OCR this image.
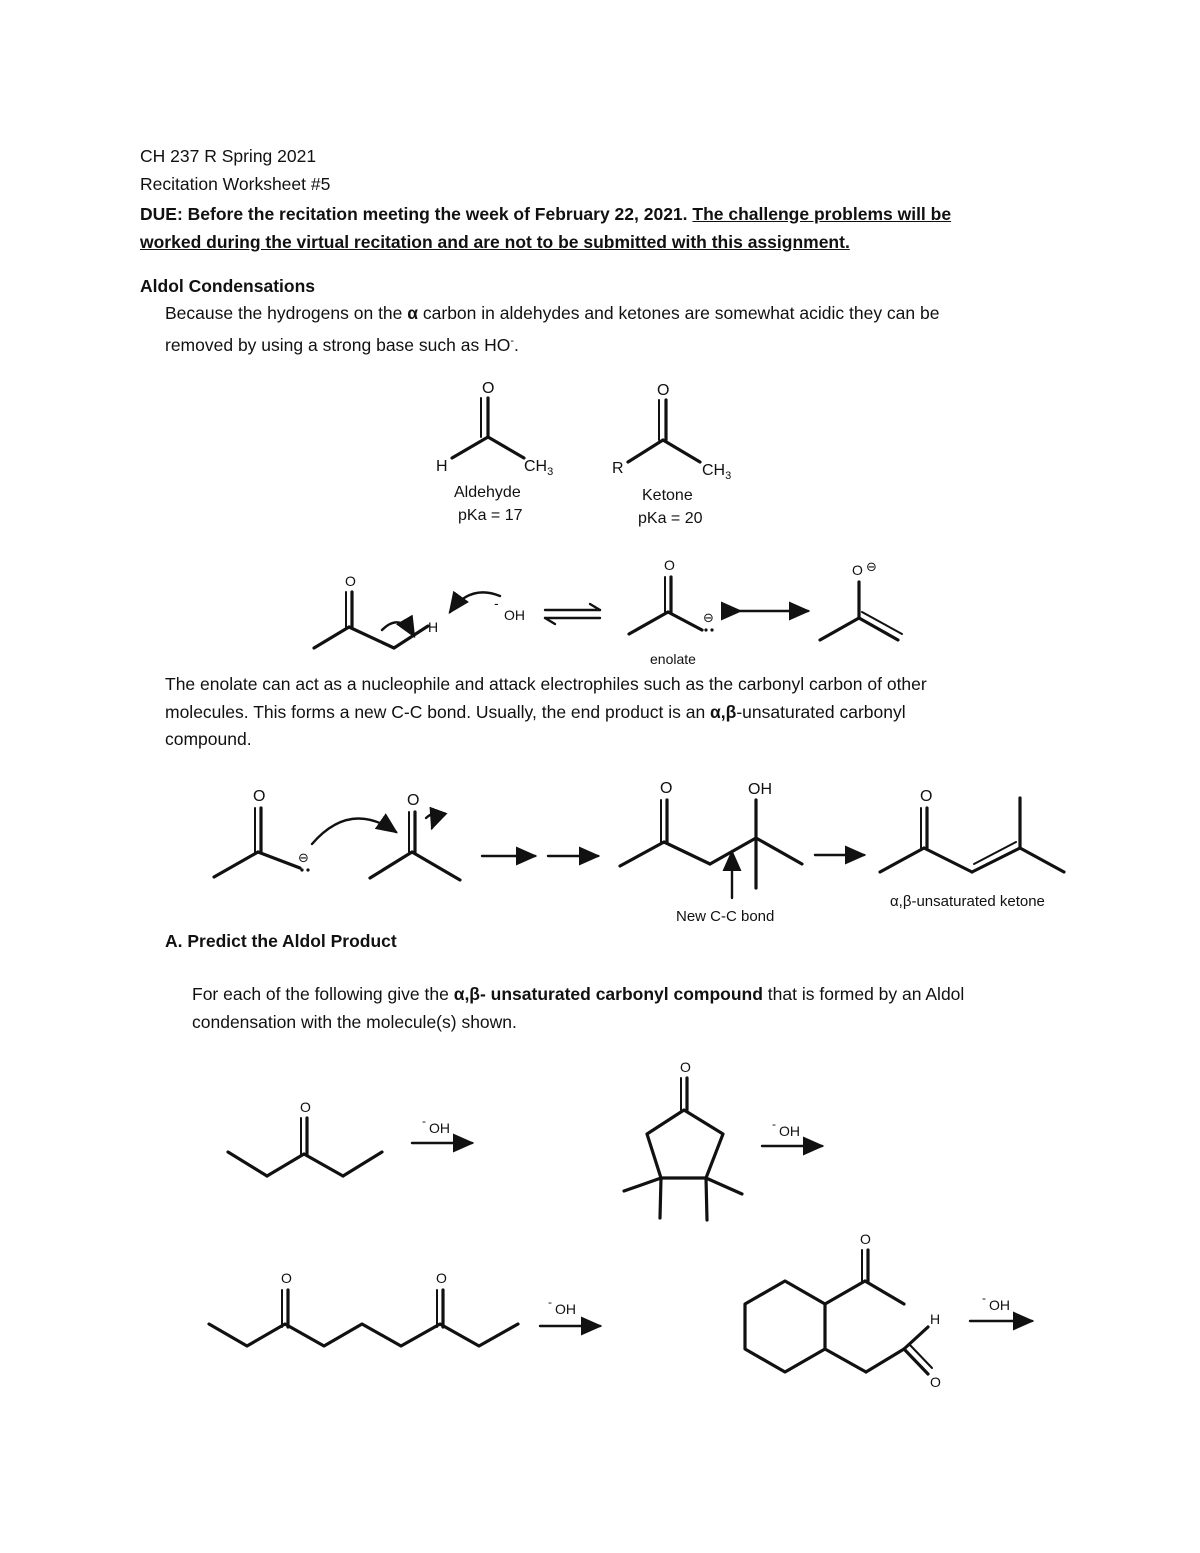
CH 237 R Spring 2021
Recitation Worksheet #5
DUE: Before the recitation meeting the week of February 22, 2021. The challenge problems will be
worked during the virtual recitation and are not to be submitted with this assignment.
Aldol Condensations
Because the hydrogens on the α carbon in aldehydes and ketones are somewhat acidic they can be
removed by using a strong base such as HO-.
The enolate can act as a nucleophile and attack electrophiles such as the carbonyl carbon of other
molecules. This forms a new C-C bond. Usually, the end product is an α,β-unsaturated carbonyl
compound.
A. Predict the Aldol Product
For each of the following give the α,β- unsaturated carbonyl compound that is formed by an Aldol
condensation with the molecule(s) shown.
O
H	$CH_3$
Aldehyde
pKa = 17
O
R	$CH_3$
Ketone
pKa = 20
O
H
-
OH
O
⊖
enolate
O ⊖
O
⊖
O
O	OH
New C-C bond
O
α,β-unsaturated ketone
O
- OH
O
- OH
O	O
- OH
O
H
O
- OH
